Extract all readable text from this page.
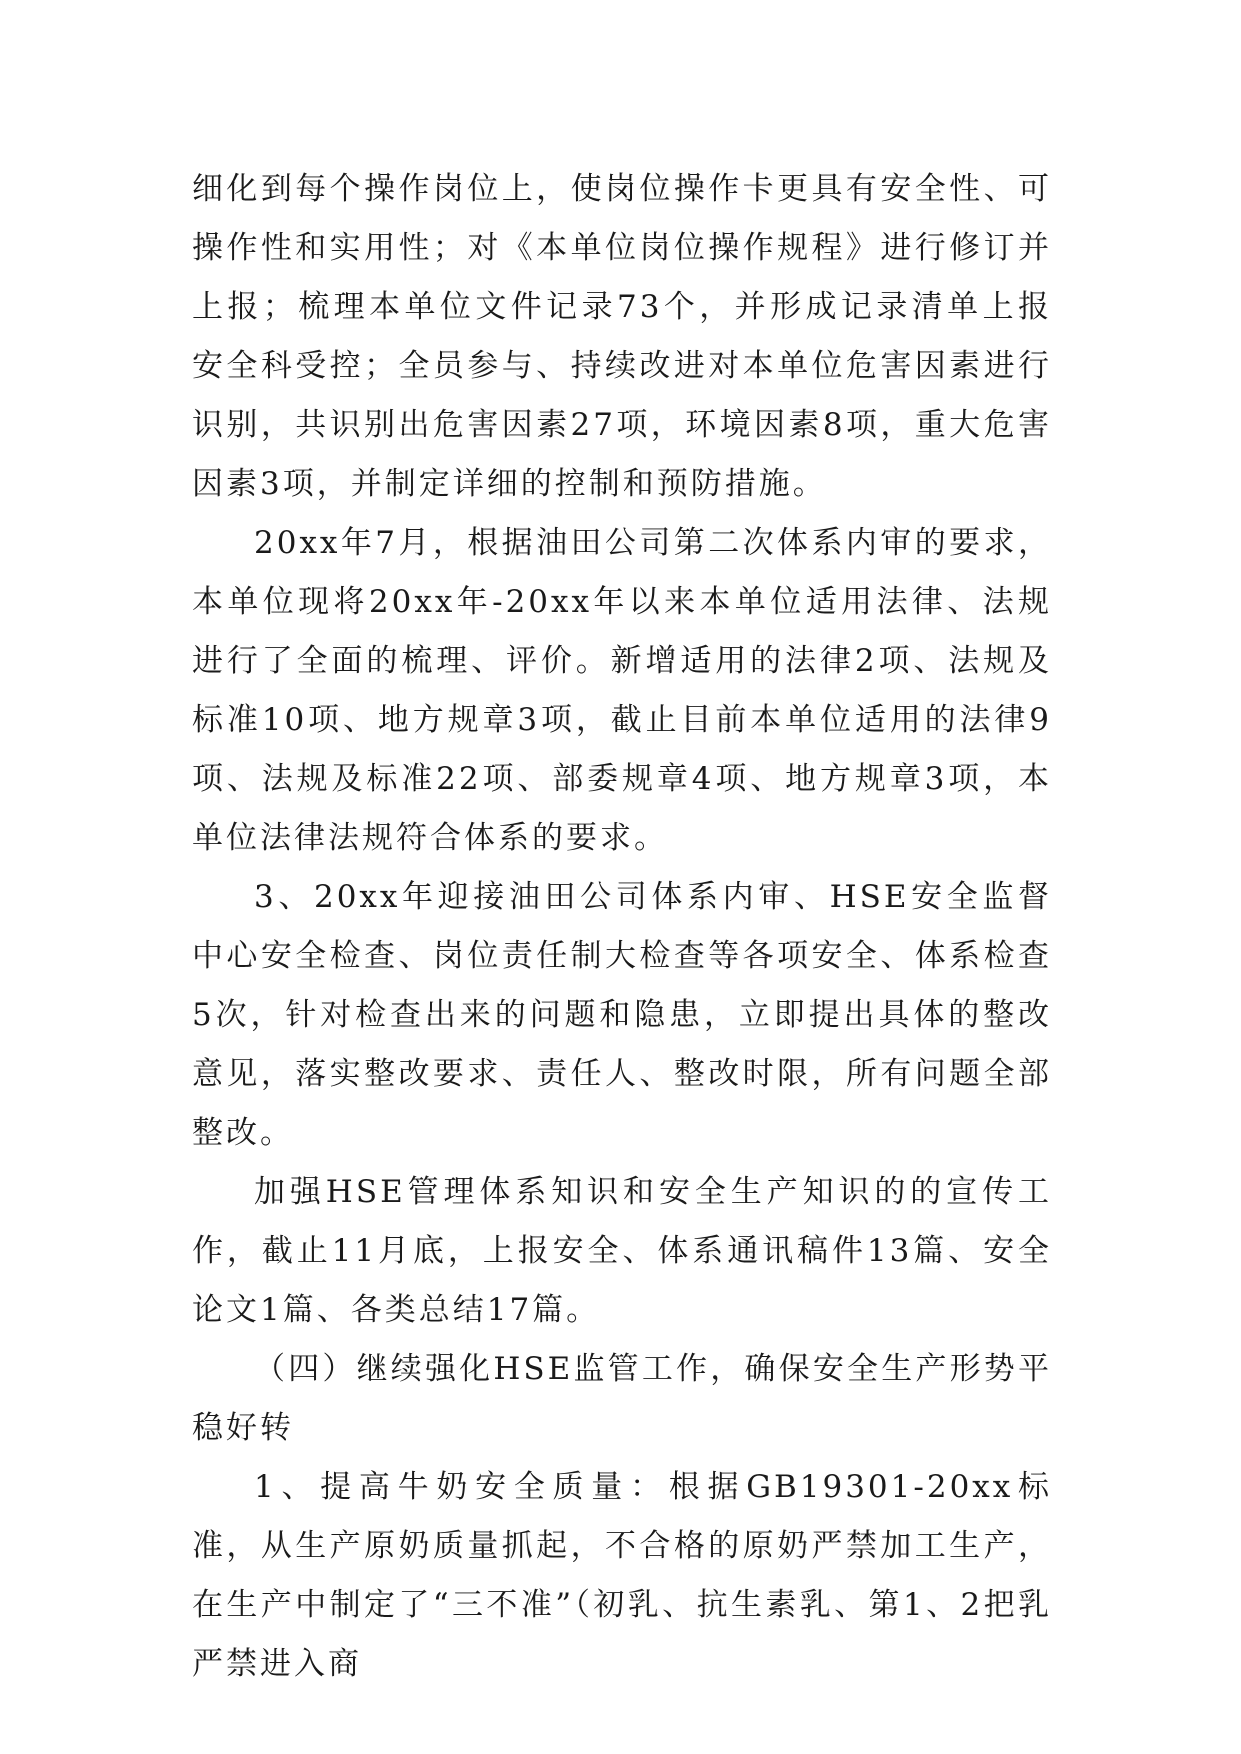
细化到每个操作岗位上，使岗位操作卡更具有安全性、可操作性和实用性；对《本单位岗位操作规程》进行修订并上报；梳理本单位文件记录73个，并形成记录清单上报安全科受控；全员参与、持续改进对本单位危害因素进行识别，共识别出危害因素27项，环境因素8项，重大危害因素3项，并制定详细的控制和预防措施。

20xx年7月，根据油田公司第二次体系内审的要求，本单位现将20xx年-20xx年以来本单位适用法律、法规进行了全面的梳理、评价。新增适用的法律2项、法规及标准10项、地方规章3项，截止目前本单位适用的法律9项、法规及标准22项、部委规章4项、地方规章3项，本单位法律法规符合体系的要求。

3、20xx年迎接油田公司体系内审、HSE安全监督中心安全检查、岗位责任制大检查等各项安全、体系检查5次，针对检查出来的问题和隐患，立即提出具体的整改意见，落实整改要求、责任人、整改时限，所有问题全部整改。

加强HSE管理体系知识和安全生产知识的的宣传工作，截止11月底，上报安全、体系通讯稿件13篇、安全论文1篇、各类总结17篇。

（四）继续强化HSE监管工作，确保安全生产形势平稳好转

1、提高牛奶安全质量：根据GB19301-20xx标准，从生产原奶质量抓起，不合格的原奶严禁加工生产，在生产中制定了“三不准”（初乳、抗生素乳、第1、2把乳严禁进入商
